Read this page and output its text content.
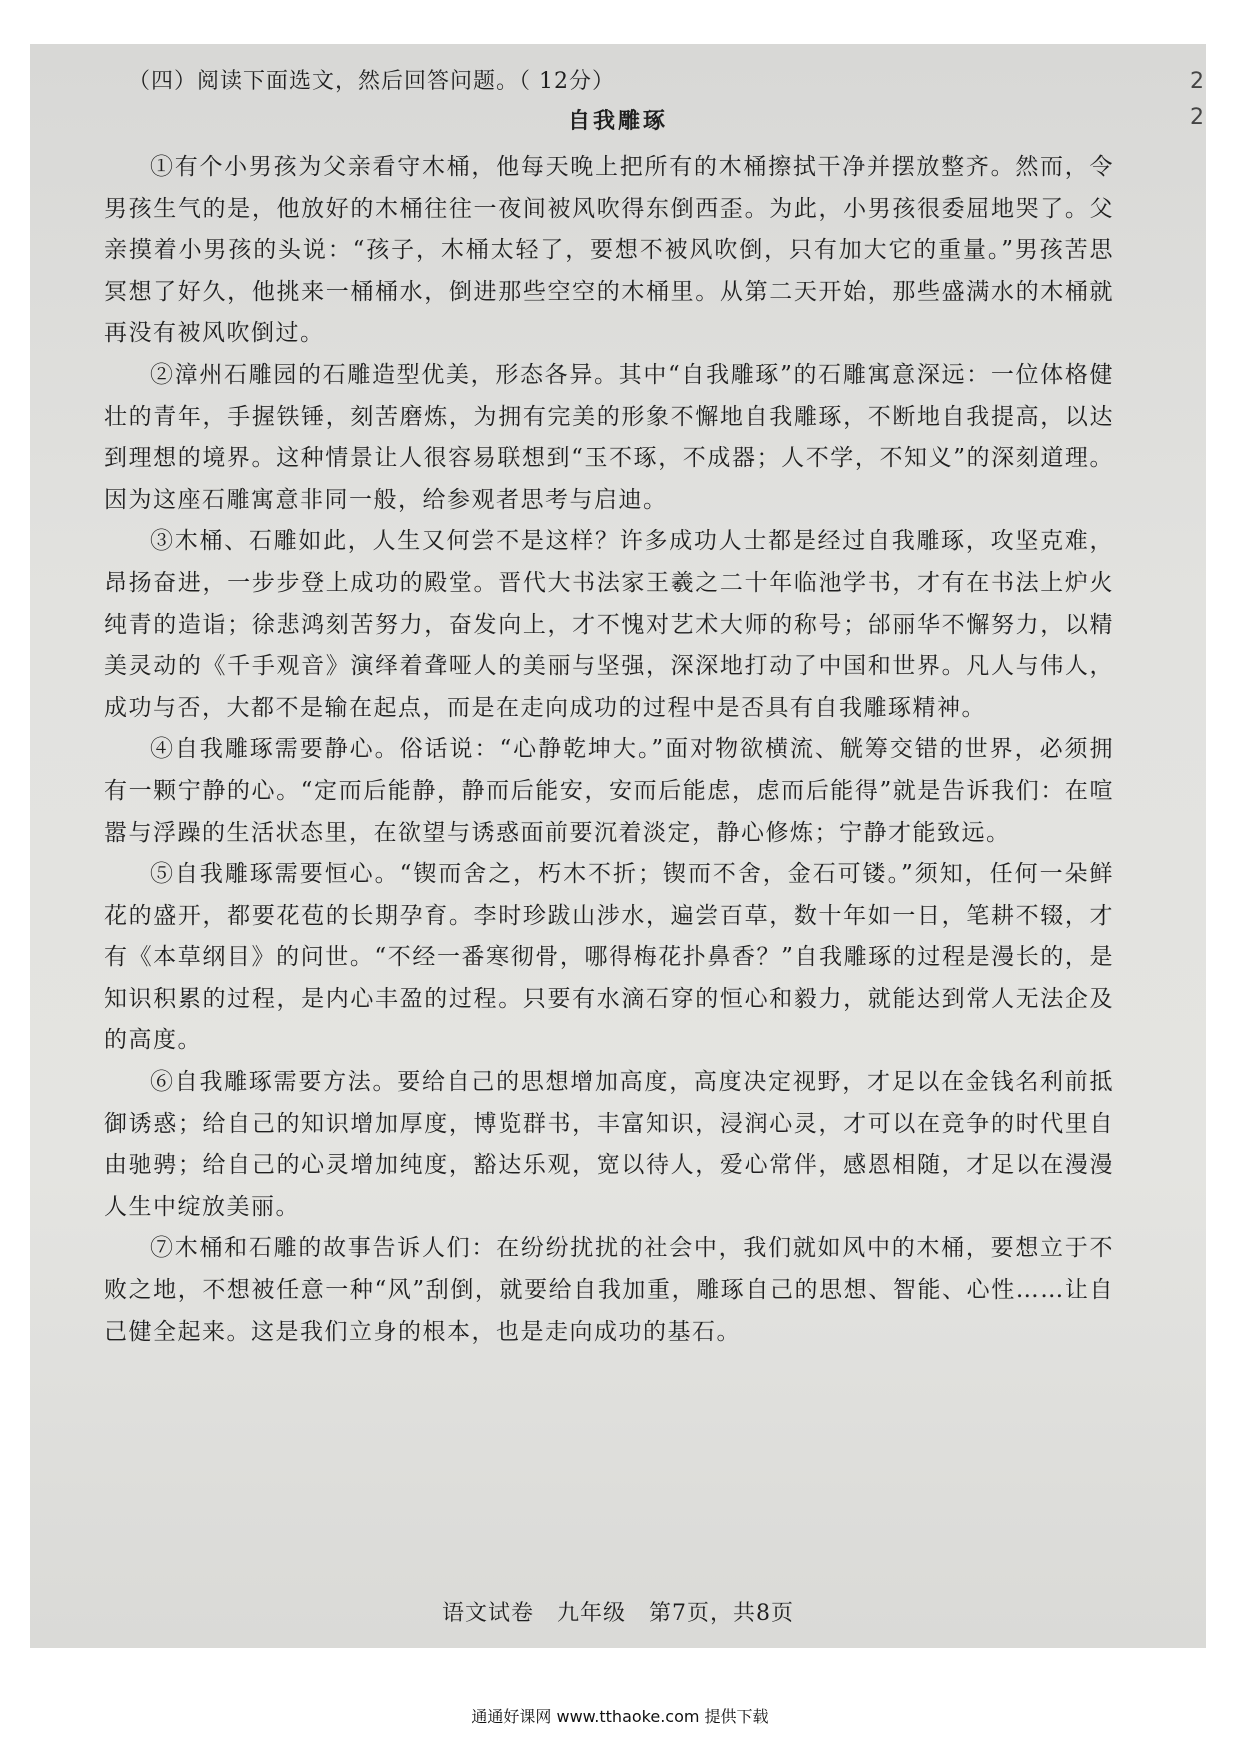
2
2
（四）阅读下面选文，然后回答问题。（ 12分）
自我雕琢

①有个小男孩为父亲看守木桶，他每天晚上把所有的木桶擦拭干净并摆放整齐。然而，令男孩生气的是，他放好的木桶往往一夜间被风吹得东倒西歪。为此，小男孩很委屈地哭了。父亲摸着小男孩的头说：“孩子，木桶太轻了，要想不被风吹倒，只有加大它的重量。”男孩苦思冥想了好久，他挑来一桶桶水，倒进那些空空的木桶里。从第二天开始，那些盛满水的木桶就再没有被风吹倒过。

②漳州石雕园的石雕造型优美，形态各异。其中“自我雕琢”的石雕寓意深远：一位体格健壮的青年，手握铁锤，刻苦磨炼，为拥有完美的形象不懈地自我雕琢，不断地自我提高，以达到理想的境界。这种情景让人很容易联想到“玉不琢，不成器；人不学，不知义”的深刻道理。因为这座石雕寓意非同一般，给参观者思考与启迪。

③木桶、石雕如此，人生又何尝不是这样？许多成功人士都是经过自我雕琢，攻坚克难，昂扬奋进，一步步登上成功的殿堂。晋代大书法家王羲之二十年临池学书，才有在书法上炉火纯青的造诣；徐悲鸿刻苦努力，奋发向上，才不愧对艺术大师的称号；邰丽华不懈努力，以精美灵动的《千手观音》演绎着聋哑人的美丽与坚强，深深地打动了中国和世界。凡人与伟人，成功与否，大都不是输在起点，而是在走向成功的过程中是否具有自我雕琢精神。

④自我雕琢需要静心。俗话说：“心静乾坤大。”面对物欲横流、觥筹交错的世界，必须拥有一颗宁静的心。“定而后能静，静而后能安，安而后能虑，虑而后能得”就是告诉我们：在喧嚣与浮躁的生活状态里，在欲望与诱惑面前要沉着淡定，静心修炼；宁静才能致远。

⑤自我雕琢需要恒心。“锲而舍之，朽木不折；锲而不舍，金石可镂。”须知，任何一朵鲜花的盛开，都要花苞的长期孕育。李时珍跋山涉水，遍尝百草，数十年如一日，笔耕不辍，才有《本草纲目》的问世。“不经一番寒彻骨，哪得梅花扑鼻香？”自我雕琢的过程是漫长的，是知识积累的过程，是内心丰盈的过程。只要有水滴石穿的恒心和毅力，就能达到常人无法企及的高度。

⑥自我雕琢需要方法。要给自己的思想增加高度，高度决定视野，才足以在金钱名利前抵御诱惑；给自己的知识增加厚度，博览群书，丰富知识，浸润心灵，才可以在竞争的时代里自由驰骋；给自己的心灵增加纯度，豁达乐观，宽以待人，爱心常伴，感恩相随，才足以在漫漫人生中绽放美丽。

⑦木桶和石雕的故事告诉人们：在纷纷扰扰的社会中，我们就如风中的木桶，要想立于不败之地，不想被任意一种“风”刮倒，就要给自我加重，雕琢自己的思想、智能、心性……让自己健全起来。这是我们立身的根本，也是走向成功的基石。

语文试卷　九年级　第7页，共8页
通通好课网 www.tthaoke.com 提供下载
